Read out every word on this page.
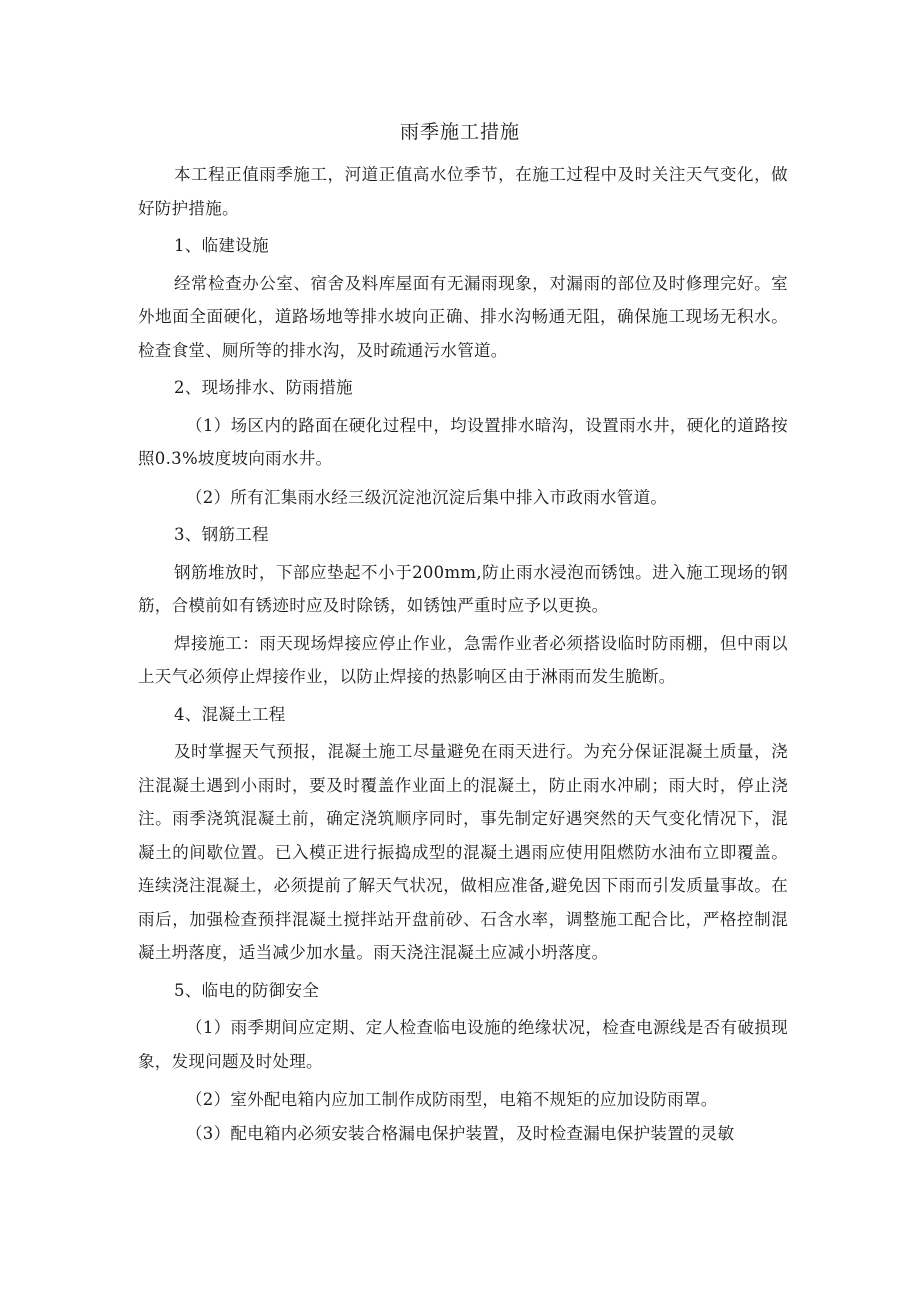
雨季施工措施

本工程正值雨季施工，河道正值高水位季节，在施工过程中及时关注天气变化，做好防护措施。

1、临建设施

经常检查办公室、宿舍及料库屋面有无漏雨现象，对漏雨的部位及时修理完好。室外地面全面硬化，道路场地等排水坡向正确、排水沟畅通无阻，确保施工现场无积水。检查食堂、厕所等的排水沟，及时疏通污水管道。

2、现场排水、防雨措施

（1）场区内的路面在硬化过程中，均设置排水暗沟，设置雨水井，硬化的道路按照0.3%坡度坡向雨水井。

（2）所有汇集雨水经三级沉淀池沉淀后集中排入市政雨水管道。

3、钢筋工程

钢筋堆放时，下部应垫起不小于200mm,防止雨水浸泡而锈蚀。进入施工现场的钢筋，合模前如有锈迹时应及时除锈，如锈蚀严重时应予以更换。

焊接施工：雨天现场焊接应停止作业，急需作业者必须搭设临时防雨棚，但中雨以上天气必须停止焊接作业，以防止焊接的热影响区由于淋雨而发生脆断。

4、混凝土工程

及时掌握天气预报，混凝土施工尽量避免在雨天进行。为充分保证混凝土质量，浇注混凝土遇到小雨时，要及时覆盖作业面上的混凝土，防止雨水冲刷；雨大时，停止浇注。雨季浇筑混凝土前，确定浇筑顺序同时，事先制定好遇突然的天气变化情况下，混凝土的间歇位置。已入模正进行振捣成型的混凝土遇雨应使用阻燃防水油布立即覆盖。连续浇注混凝土，必须提前了解天气状况，做相应准备,避免因下雨而引发质量事故。在雨后，加强检查预拌混凝土搅拌站开盘前砂、石含水率，调整施工配合比，严格控制混凝土坍落度，适当减少加水量。雨天浇注混凝土应减小坍落度。

5、临电的防御安全

（1）雨季期间应定期、定人检查临电设施的绝缘状况，检查电源线是否有破损现象，发现问题及时处理。

（2）室外配电箱内应加工制作成防雨型，电箱不规矩的应加设防雨罩。

（3）配电箱内必须安装合格漏电保护装置，及时检查漏电保护装置的灵敏
